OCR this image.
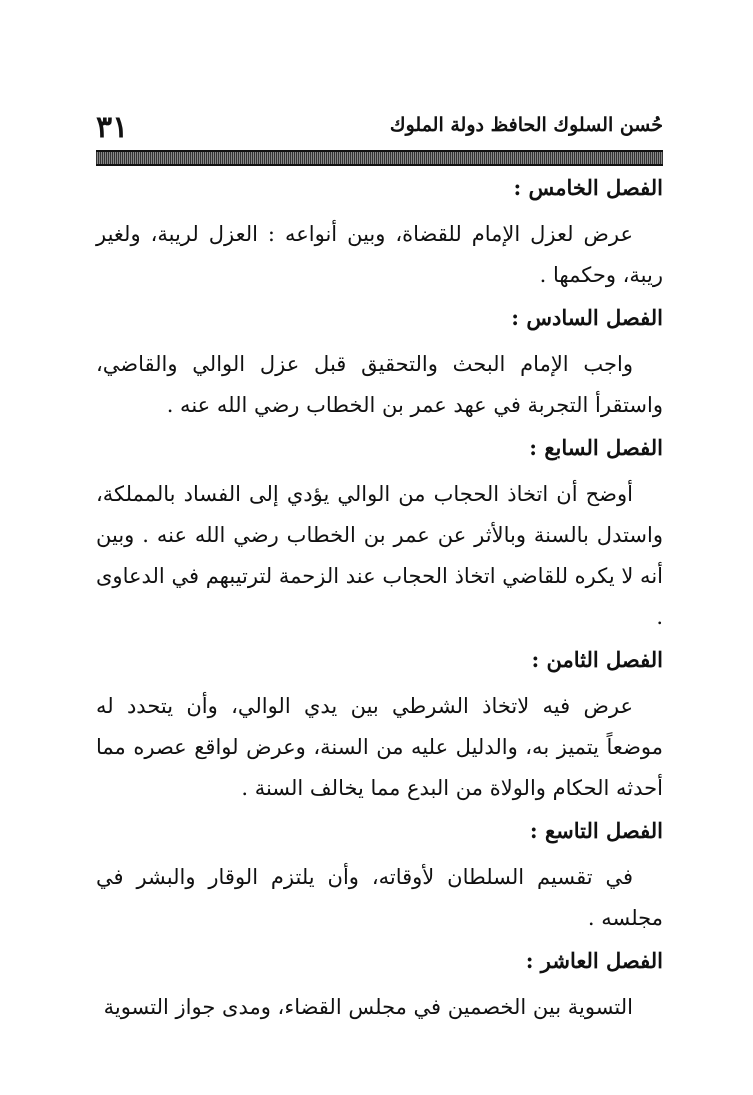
٣١	حُسن السلوك الحافظ دولة الملوك
الفصل الخامس :
عرض لعزل الإمام للقضاة، وبين أنواعه : العزل لريبة، ولغير ريبة، وحكمها .
الفصل السادس :
واجب الإمام البحث والتحقيق قبل عزل الوالي والقاضي، واستقرأ التجربة في عهد عمر بن الخطاب رضي الله عنه .
الفصل السابع :
أوضح أن اتخاذ الحجاب من الوالي يؤدي إلى الفساد بالمملكة، واستدل بالسنة وبالأثر عن عمر بن الخطاب رضي الله عنه . وبين أنه لا يكره للقاضي اتخاذ الحجاب عند الزحمة لترتيبهم في الدعاوى .
الفصل الثامن :
عرض فيه لاتخاذ الشرطي بين يدي الوالي، وأن يتحدد له موضعاً يتميز به، والدليل عليه من السنة، وعرض لواقع عصره مما أحدثه الحكام والولاة من البدع مما يخالف السنة .
الفصل التاسع :
في تقسيم السلطان لأوقاته، وأن يلتزم الوقار والبشر في مجلسه .
الفصل العاشر :
التسوية بين الخصمين في مجلس القضاء، ومدى جواز التسوية
